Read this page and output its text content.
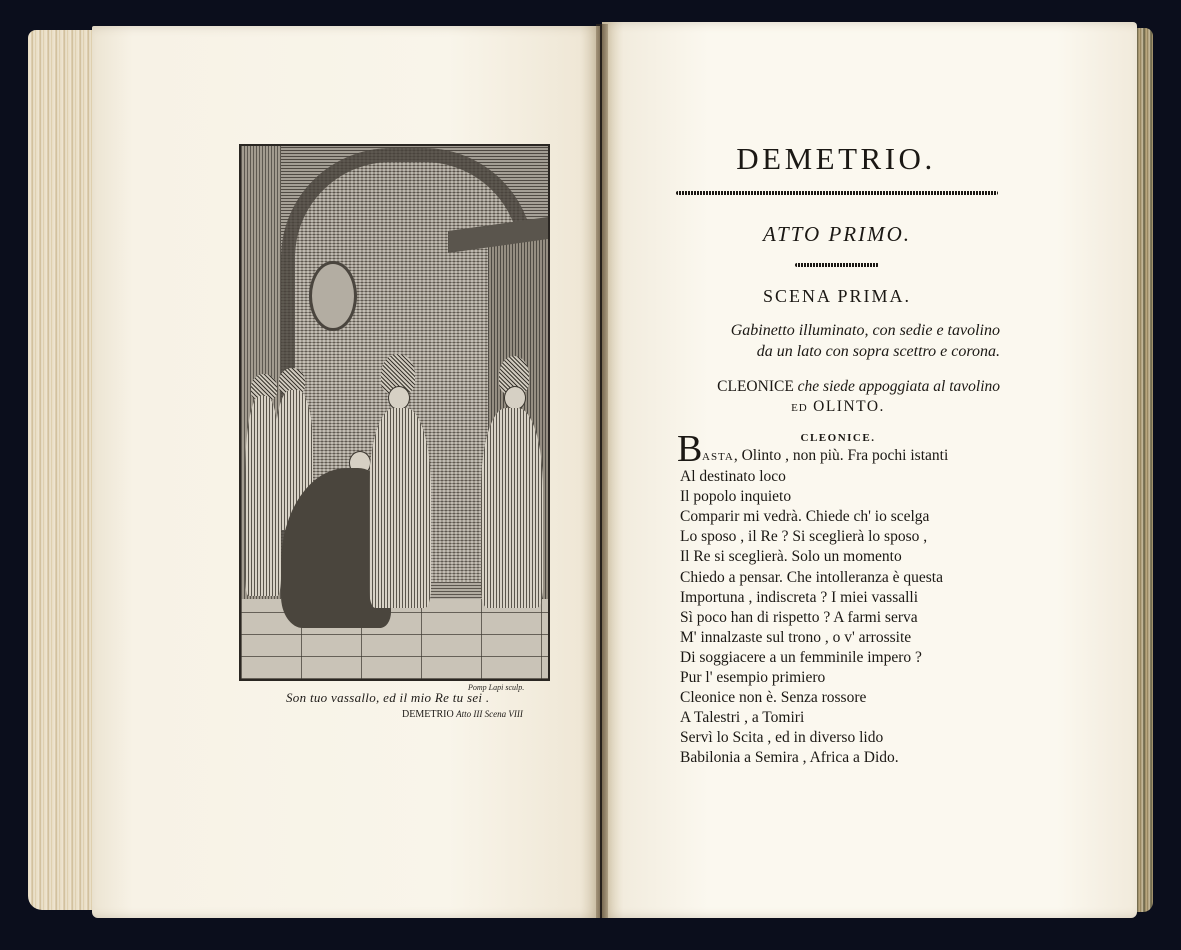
Pomp Lapi sculp.
Son tuo vassallo, ed il mio Re tu sei .
DEMETRIO Atto III Scena VIII
DEMETRIO.
ATTO PRIMO.
SCENA PRIMA.
Gabinetto illuminato, con sedie e tavolino
da un lato con sopra scettro e corona.
CLEONICE che siede appoggiata al tavolino
ED OLINTO.
CLEONICE.
B ASTA, Olinto , non più. Fra pochi istanti
Al destinato loco
Il popolo inquieto
Comparir mi vedrà. Chiede ch' io scelga
Lo sposo , il Re ? Si sceglierà lo sposo ,
Il Re si sceglierà. Solo un momento
Chiedo a pensar. Che intolleranza è questa
Importuna , indiscreta ? I miei vassalli
Sì poco han di rispetto ? A farmi serva
M' innalzaste sul trono , o v' arrossite
Di soggiacere a un femminile impero ?
Pur l' esempio primiero
Cleonice non è. Senza rossore
A Talestri , a Tomiri
Servì lo Scita , ed in diverso lido
Babilonia a Semira , Africa a Dido.
